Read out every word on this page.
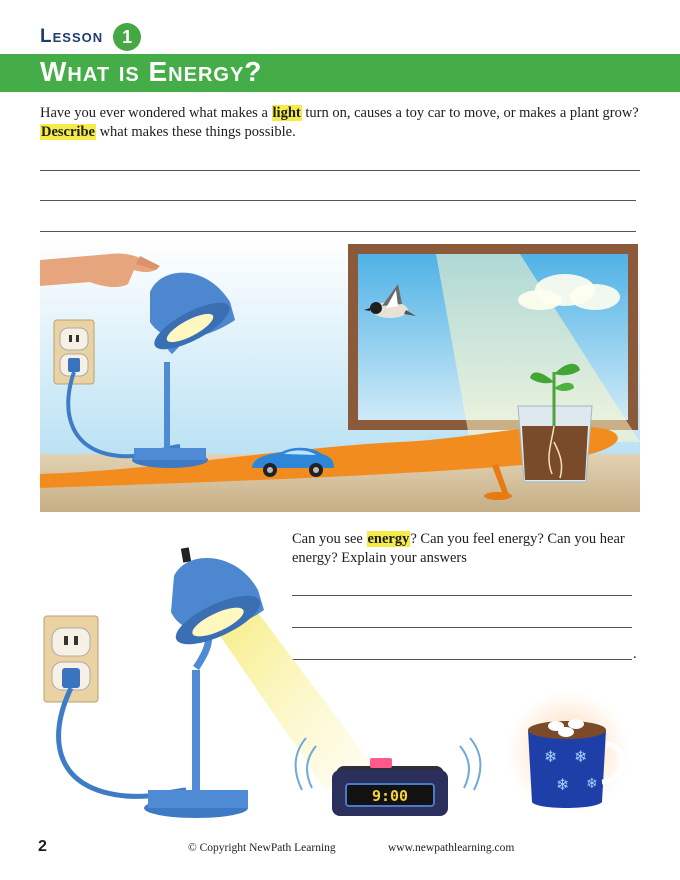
Lesson	1
What is Energy?
Have you ever wondered what makes a light turn on, causes a toy car to move, or makes a plant grow? Describe what makes these things possible.
Can you see energy? Can you feel energy? Can you hear energy? Explain your answers
.
9:00
❄ ❄
❄ ❄
2	© Copyright NewPath Learning	www.newpathlearning.com
